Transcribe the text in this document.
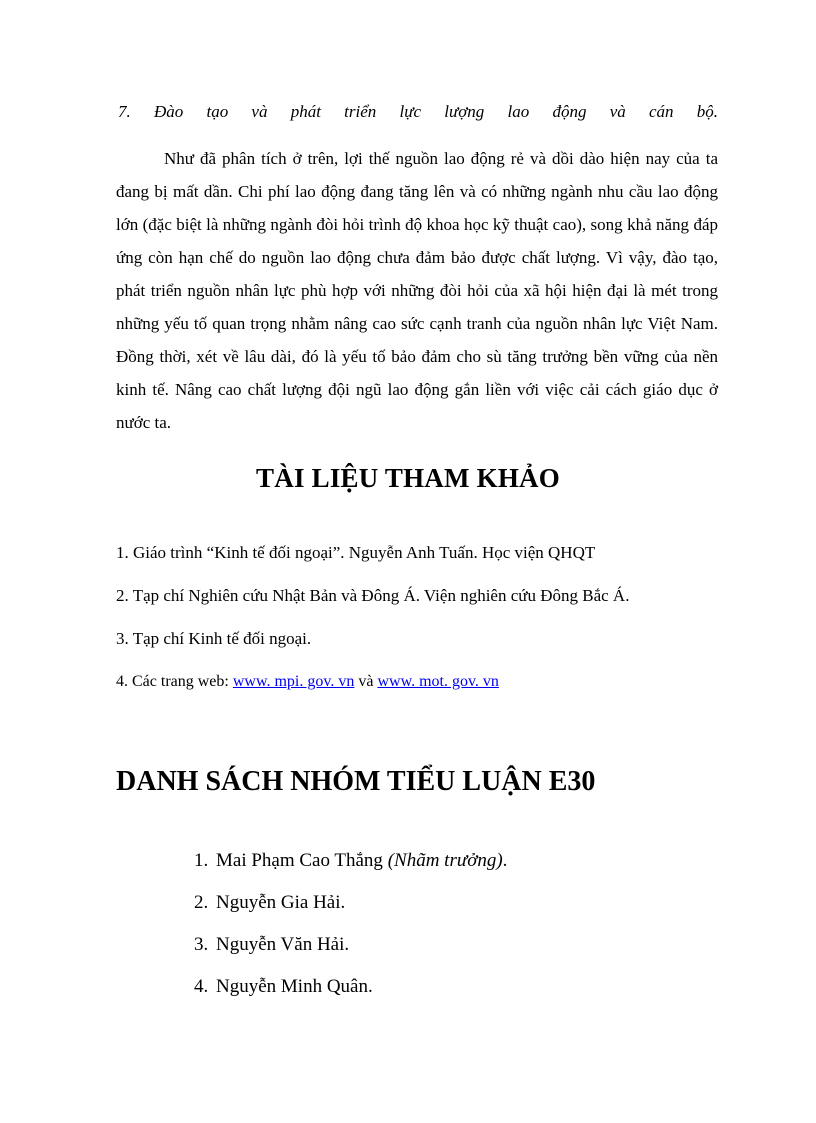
7. Đào tạo và phát triển lực lượng lao động và cán bộ.

Như đã phân tích ở trên, lợi thế nguồn lao động rẻ và dồi dào hiện nay của ta đang bị mất dần. Chi phí lao động đang tăng lên và có những ngành nhu cầu lao động lớn (đặc biệt là những ngành đòi hỏi trình độ khoa học kỹ thuật cao), song khả năng đáp ứng còn hạn chế do nguồn lao động chưa đảm bảo được chất lượng. Vì vậy, đào tạo, phát triển nguồn nhân lực phù hợp với những đòi hỏi của xã hội hiện đại là mét trong những yếu tố quan trọng nhằm nâng cao sức cạnh tranh của nguồn nhân lực Việt Nam. Đồng thời, xét về lâu dài, đó là yếu tố bảo đảm cho sù tăng trưởng bền vững của nền kinh tế. Nâng cao chất lượng đội ngũ lao động gắn liền với việc cải cách giáo dục ở nước ta.

TÀI LIỆU THAM KHẢO
1. Giáo trình “Kinh tế đối ngoại”. Nguyễn Anh Tuấn. Học viện QHQT
2. Tạp chí Nghiên cứu Nhật Bản và Đông Á. Viện nghiên cứu Đông Bắc Á.
3. Tạp chí Kinh tế đối ngoại.
4. Các trang web: www. mpi. gov. vn và www. mot. gov. vn
DANH SÁCH NHÓM TIỂU LUẬN E30
1. Mai Phạm Cao Thắng (Nhãm trưởng).
2. Nguyễn Gia Hải.
3. Nguyễn Văn Hải.
4. Nguyễn Minh Quân.
